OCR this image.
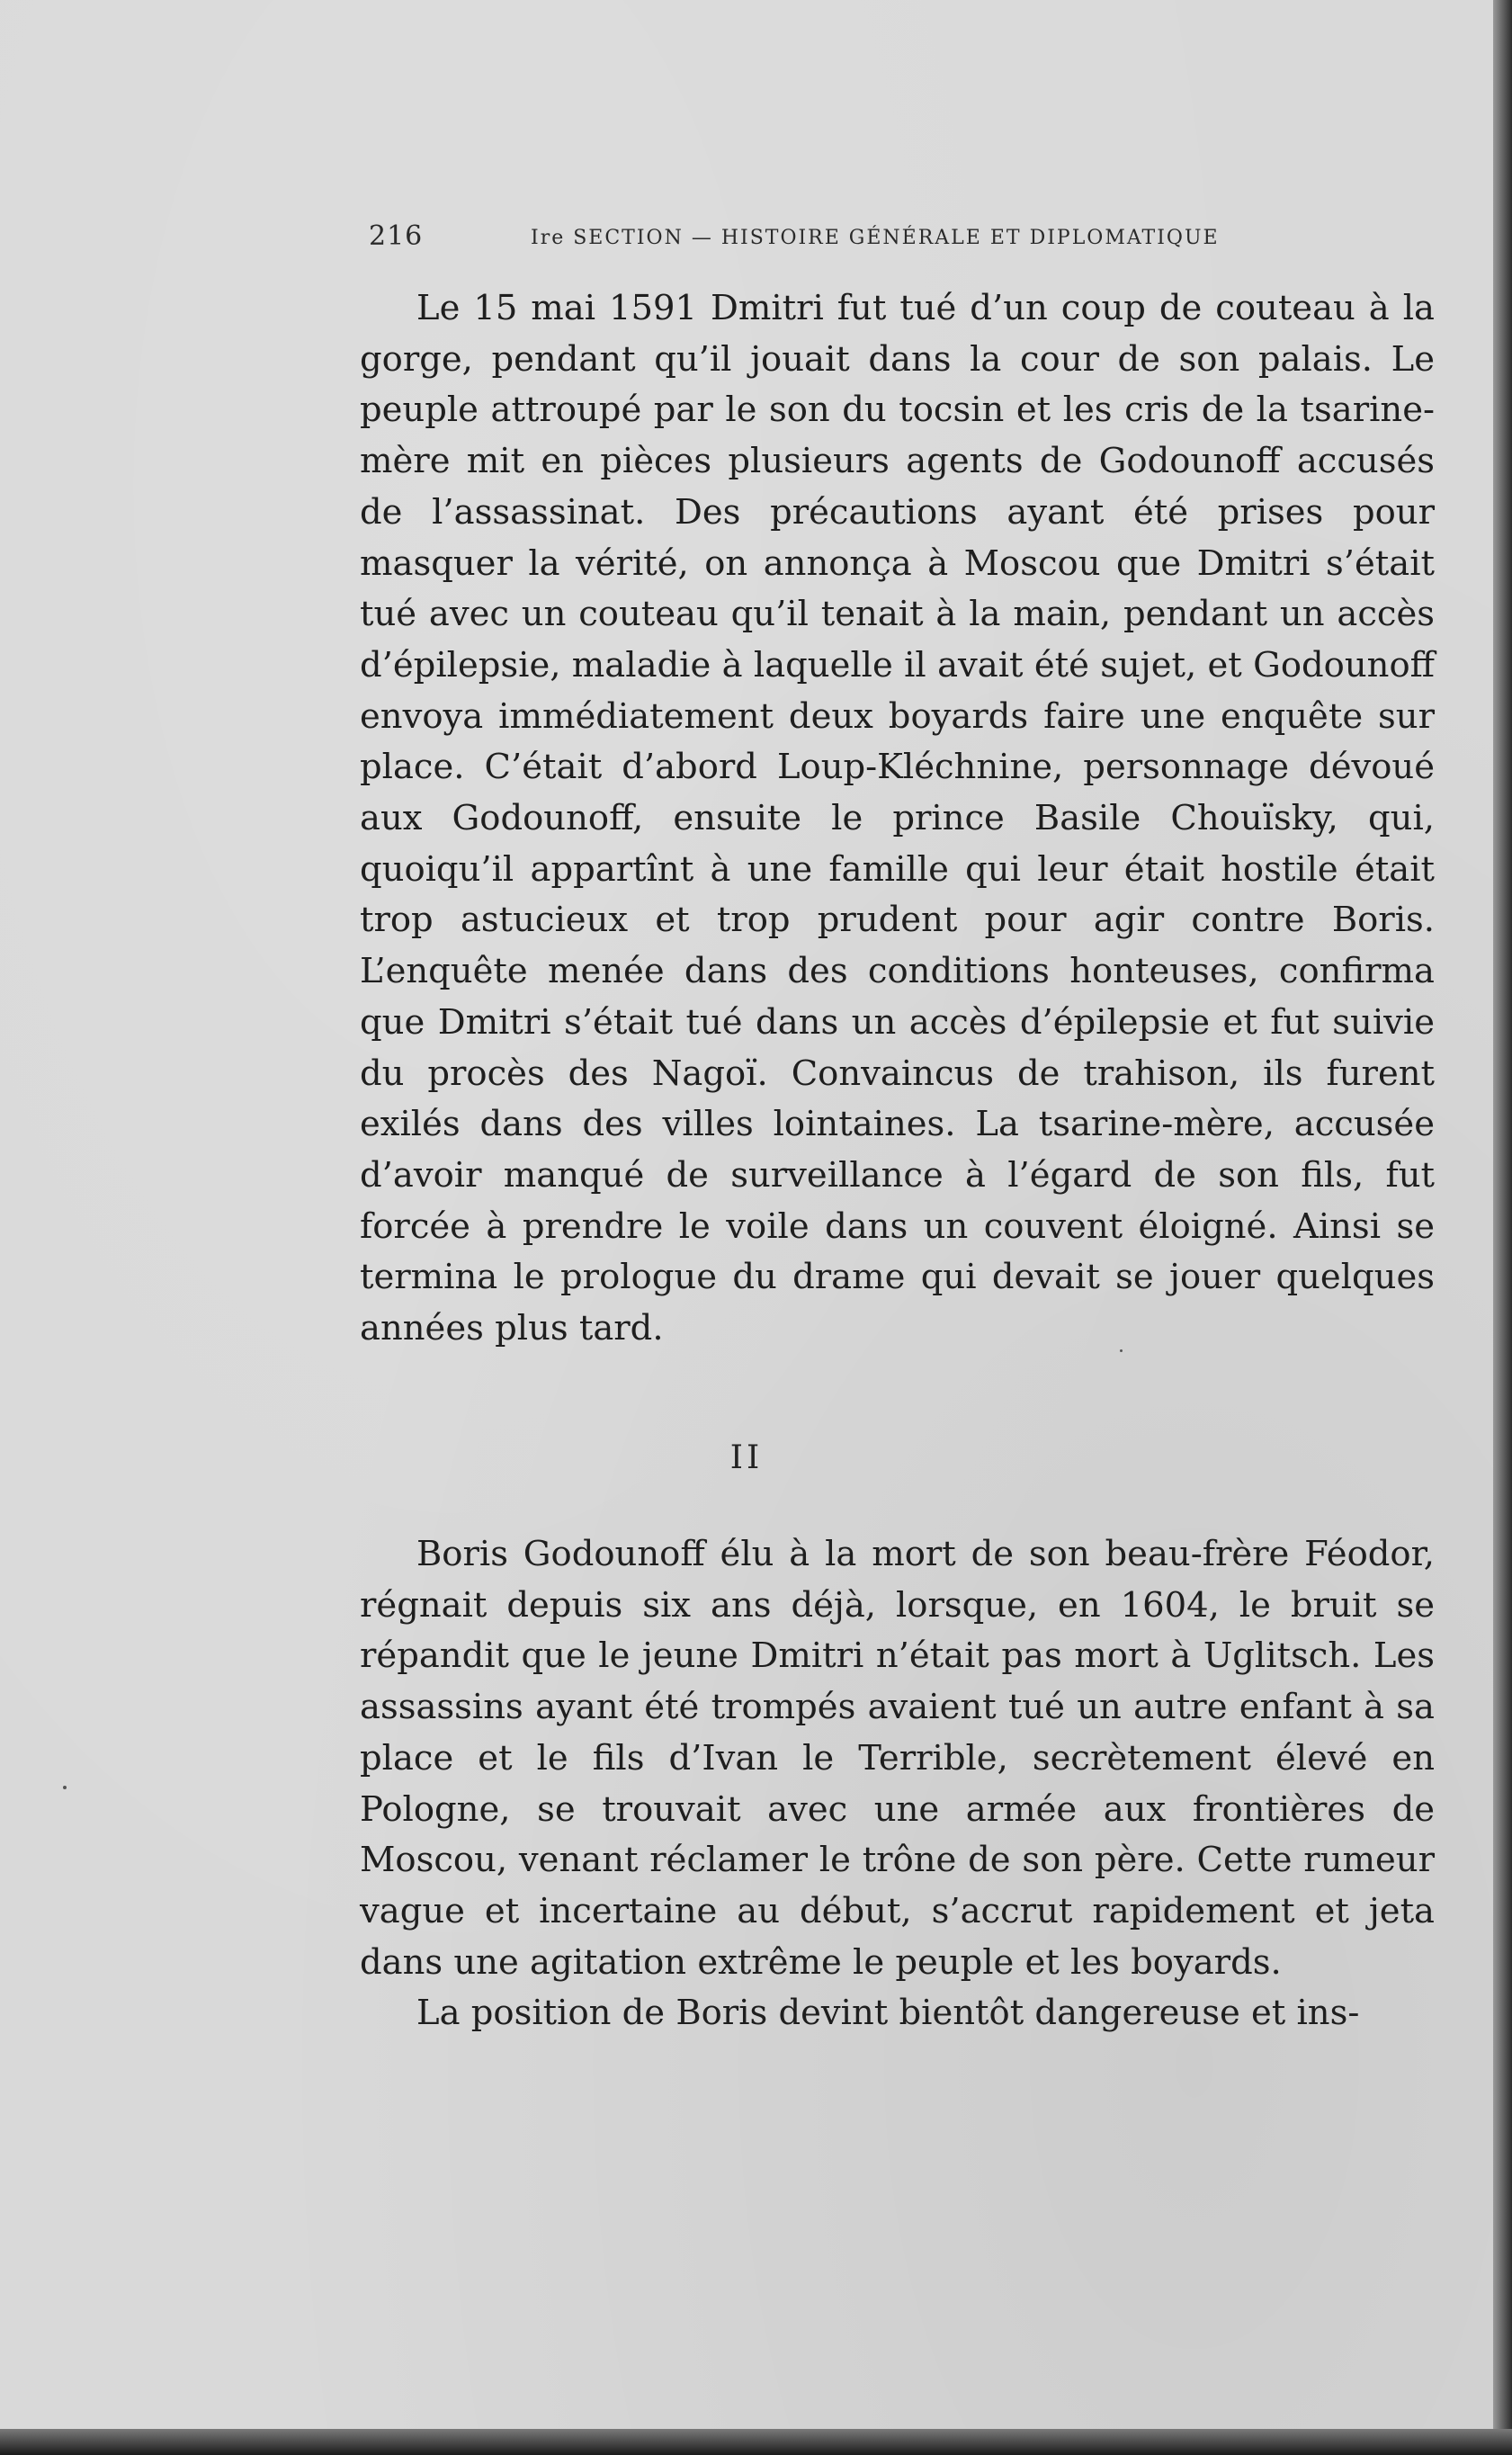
216	Ire SECTION — HISTOIRE GÉNÉRALE ET DIPLOMATIQUE

Le 15 mai 1591 Dmitri fut tué d’un coup de couteau à la gorge, pendant qu’il jouait dans la cour de son palais. Le peuple attroupé par le son du tocsin et les cris de la tsarine-mère mit en pièces plusieurs agents de Godounoff accusés de l’assassinat. Des précautions ayant été prises pour masquer la vérité, on annonça à Moscou que Dmitri s’était tué avec un couteau qu’il tenait à la main, pendant un accès d’épilepsie, maladie à laquelle il avait été sujet, et Godounoff envoya immédiatement deux boyards faire une enquête sur place. C’était d’abord Loup-Kléchnine, personnage dévoué aux Godounoff, ensuite le prince Basile Chouïsky, qui, quoiqu’il appartînt à une famille qui leur était hostile était trop astucieux et trop prudent pour agir contre Boris. L’enquête menée dans des conditions honteuses, confirma que Dmitri s’était tué dans un accès d’épilepsie et fut suivie du procès des Nagoï. Convaincus de trahison, ils furent exilés dans des villes lointaines. La tsarine-mère, accusée d’avoir manqué de surveillance à l’égard de son fils, fut forcée à prendre le voile dans un couvent éloigné. Ainsi se termina le prologue du drame qui devait se jouer quelques années plus tard.

II

Boris Godounoff élu à la mort de son beau-frère Féodor, régnait depuis six ans déjà, lorsque, en 1604, le bruit se répandit que le jeune Dmitri n’était pas mort à Uglitsch. Les assassins ayant été trompés avaient tué un autre enfant à sa place et le fils d’Ivan le Terrible, secrètement élevé en Pologne, se trouvait avec une armée aux frontières de Moscou, venant réclamer le trône de son père. Cette rumeur vague et incertaine au début, s’accrut rapidement et jeta dans une agitation extrême le peuple et les boyards.

La position de Boris devint bientôt dangereuse et ins-
